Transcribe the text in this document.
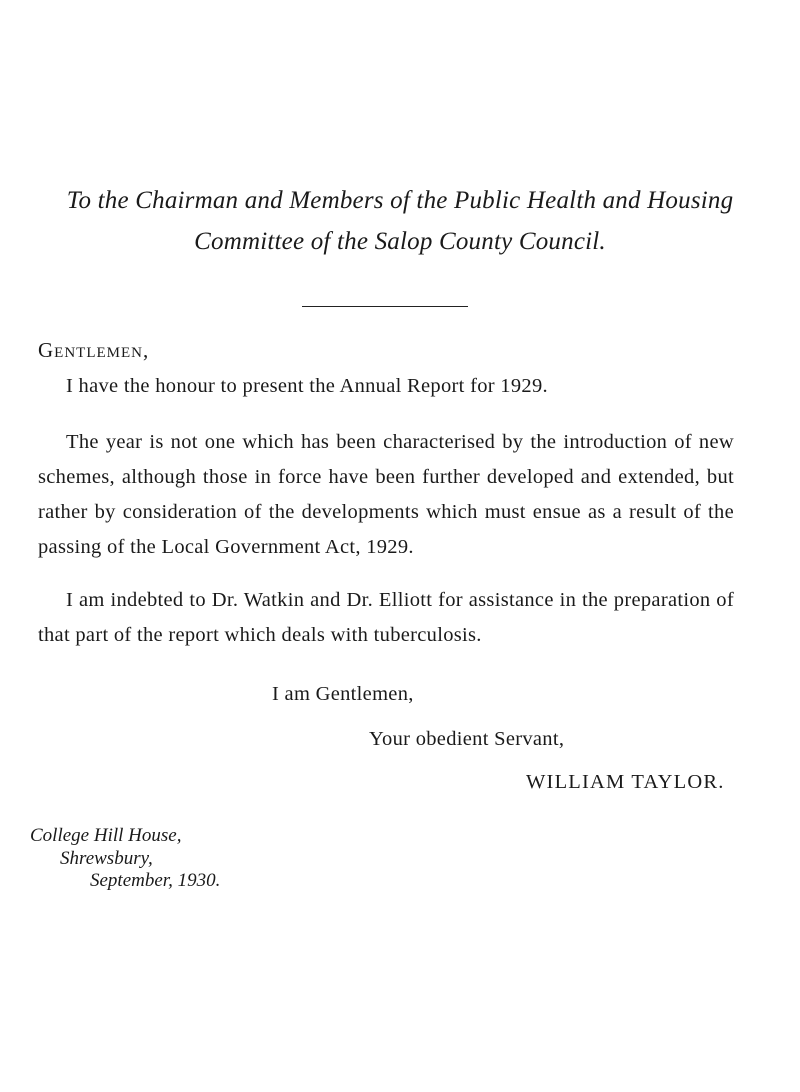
To the Chairman and Members of the Public Health and Housing
Committee of the Salop County Council.
Gentlemen,
I have the honour to present the Annual Report for 1929.
The year is not one which has been characterised by the introduction of new schemes, although those in force have been further developed and extended, but rather by consideration of the developments which must ensue as a result of the passing of the Local Government Act, 1929.
I am indebted to Dr. Watkin and Dr. Elliott for assistance in the preparation of that part of the report which deals with tuberculosis.
I am Gentlemen,
Your obedient Servant,
WILLIAM TAYLOR.
College Hill House,
Shrewsbury,
September, 1930.
